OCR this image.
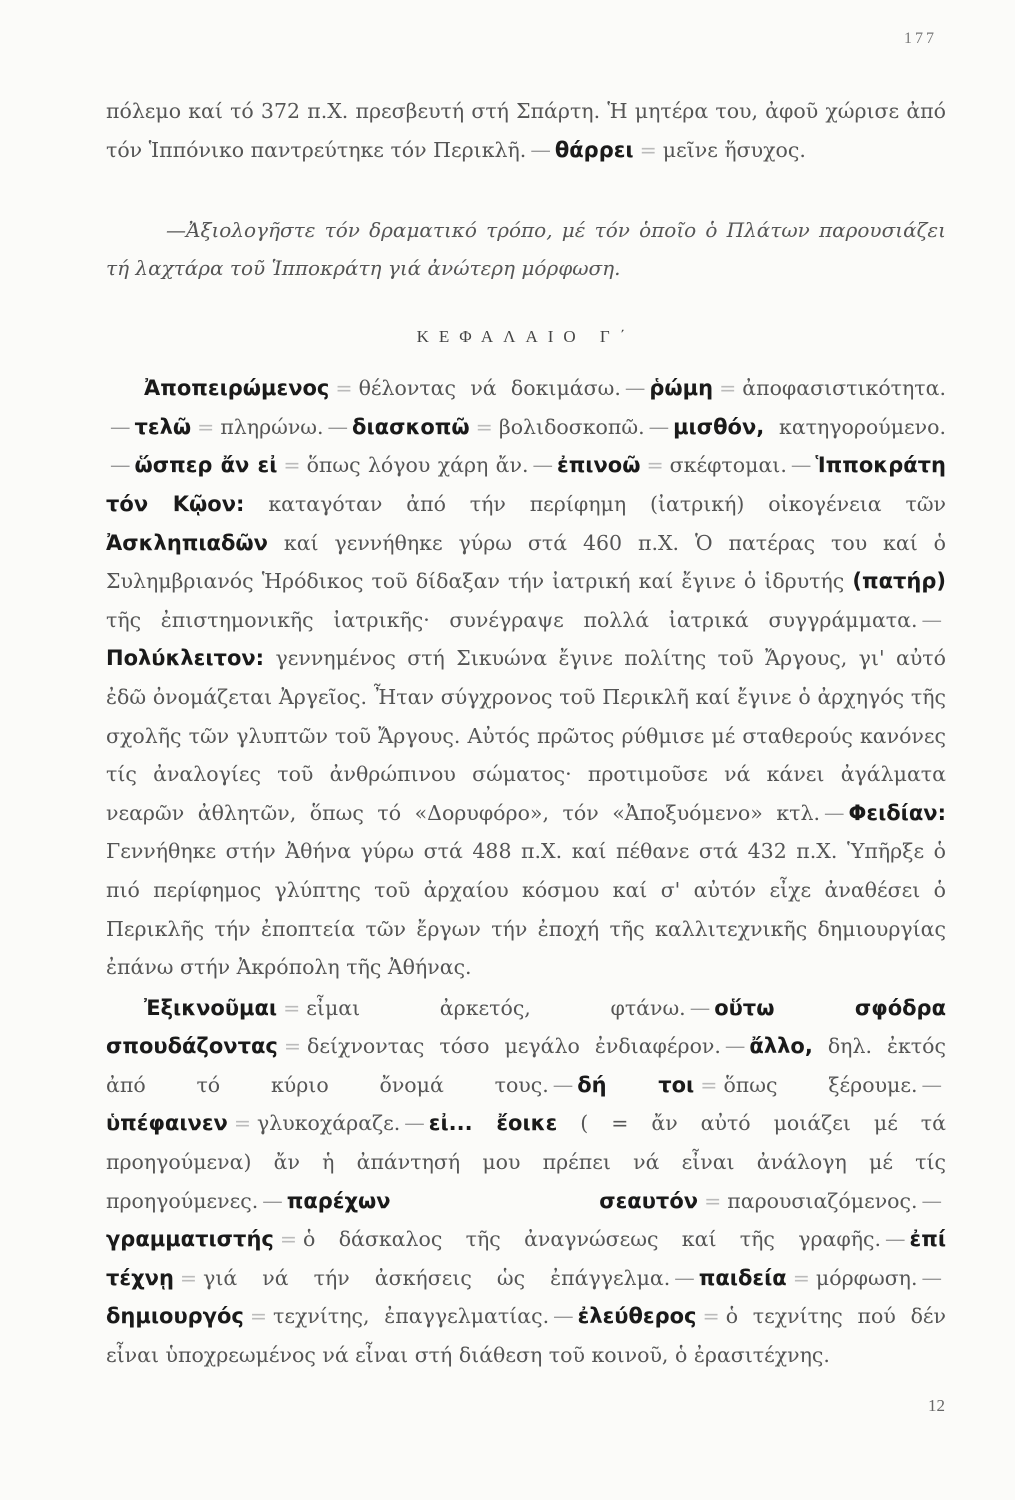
177

πόλεμο καί τό 372 π.Χ. πρεσβευτή στή Σπάρτη. Ἡ μητέρα του, ἀφοῦ χώρισε ἀπό τόν Ἱππόνικο παντρεύτηκε τόν Περικλῆ. — θάρρει = μεῖνε ἥσυχος.

—Ἀξιολογῆστε τόν δραματικό τρόπο, μέ τόν ὁποῖο ὁ Πλάτων παρουσιάζει τή λαχτάρα τοῦ Ἱπποκράτη γιά ἀνώτερη μόρφωση.

ΚΕΦΑΛΑΙΟ Γ΄

Ἀποπειρώμενος = θέλοντας νά δοκιμάσω. — ῥώμη = ἀποφασιστικότητα.— τελῶ = πληρώνω. — διασκοπῶ = βολιδοσκοπῶ. — μισθόν, κατηγορούμενο.— ὥσπερ ἄν εἰ = ὅπως λόγου χάρη ἄν. — ἐπινοῶ = σκέφτομαι. — Ἱπποκράτη τόν Κῷον: καταγόταν ἀπό τήν περίφημη (ἰατρική) οἰκογένεια τῶν Ἀσκληπιαδῶν καί γεννήθηκε γύρω στά 460 π.Χ. Ὁ πατέρας του καί ὁ Συλημβριανός Ἡρόδικος τοῦ δίδαξαν τήν ἰατρική καί ἔγινε ὁ ἱδρυτής (πατήρ) τῆς ἐπιστημονικῆς ἰατρικῆς· συνέγραψε πολλά ἰατρικά συγγράμματα. —Πολύκλειτον: γεννημένος στή Σικυώνα ἔγινε πολίτης τοῦ Ἄργους, γι' αὐτό ἐδῶ ὀνομάζεται Ἀργεῖος. Ἦταν σύγχρονος τοῦ Περικλῆ καί ἔγινε ὁ ἀρχηγός τῆς σχολῆς τῶν γλυπτῶν τοῦ Ἄργους. Αὐτός πρῶτος ρύθμισε μέ σταθερούς κανόνες τίς ἀναλογίες τοῦ ἀνθρώπινου σώματος· προτιμοῦσε νά κάνει ἀγάλματα νεαρῶν ἀθλητῶν, ὅπως τό «Δορυφόρο», τόν «Ἀποξυόμενο» κτλ. — Φειδίαν: Γεννήθηκε στήν Ἀθήνα γύρω στά 488 π.Χ. καί πέθανε στά 432 π.Χ. Ὑπῆρξε ὁ πιό περίφημος γλύπτης τοῦ ἀρχαίου κόσμου καί σ' αὐτόν εἶχε ἀναθέσει ὁ Περικλῆς τήν ἐποπτεία τῶν ἔργων τήν ἐποχή τῆς καλλιτεχνικῆς δημιουργίας ἐπάνω στήν Ἀκρόπολη τῆς Ἀθήνας.

Ἐξικνοῦμαι = εἶμαι ἀρκετός, φτάνω. — οὕτω σφόδρα σπουδάζοντας = δείχνοντας τόσο μεγάλο ἐνδιαφέρον. — ἄλλο, δηλ. ἐκτός ἀπό τό κύριο ὄνομά τους. — δή τοι = ὅπως ξέρουμε. —ὑπέφαινεν = γλυκοχάραζε. — εἰ... ἔοικε ( = ἄν αὐτό μοιάζει μέ τά προηγούμενα) ἄν ἡ ἀπάντησή μου πρέπει νά εἶναι ἀνάλογη μέ τίς προηγούμενες. — παρέχων σεαυτόν = παρουσιαζόμενος. —γραμματιστής = ὁ δάσκαλος τῆς ἀναγνώσεως καί τῆς γραφῆς. — ἐπί τέχνῃ = γιά νά τήν ἀσκήσεις ὡς ἐπάγγελμα. — παιδεία = μόρφωση. —δημιουργός = τεχνίτης, ἐπαγγελματίας. — ἐλεύθερος = ὁ τεχνίτης πού δέν εἶναι ὑποχρεωμένος νά εἶναι στή διάθεση τοῦ κοινοῦ, ὁ ἐρασιτέχνης.

12
